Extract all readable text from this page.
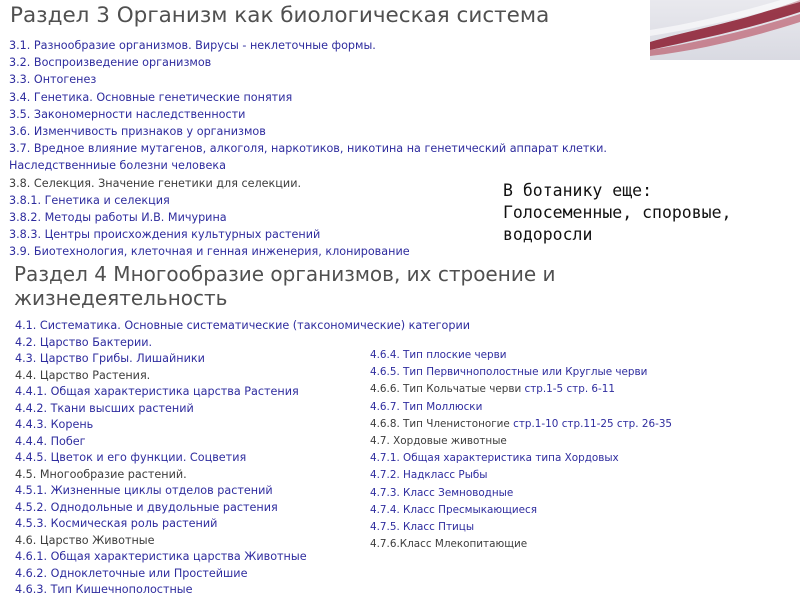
Раздел 3 Организм как биологическая система
3.1. Разнообразие организмов. Вирусы - неклеточные формы.
3.2. Воспроизведение организмов
3.3. Онтогенез
3.4. Генетика. Основные генетические понятия
3.5. Закономерности наследственности
3.6. Изменчивость признаков у организмов
3.7. Вредное влияние мутагенов, алкоголя, наркотиков, никотина на генетический аппарат клетки. Наследственниые болезни человека
3.8. Селекция. Значение генетики для селекции.
3.8.1. Генетика и селекция
3.8.2. Методы работы И.В. Мичурина
3.8.3. Центры происхождения культурных растений
3.9. Биотехнология, клеточная и генная инженерия, клонирование
В ботанику еще:
Голосеменные, споровые,
водоросли
Раздел 4 Многообразие организмов, их строение и жизнедеятельность
4.1. Систематика. Основные систематические (таксономические) категории
4.2. Царство Бактерии.
4.3. Царство Грибы. Лишайники
4.4. Царство Растения.
4.4.1. Общая характеристика царства Растения
4.4.2. Ткани высших растений
4.4.3. Корень
4.4.4. Побег
4.4.5. Цветок и его функции. Соцветия
4.5. Многообразие растений.
4.5.1. Жизненные циклы отделов растений
4.5.2. Однодольные и двудольные растения
4.5.3. Космическая роль растений
4.6. Царство Животные
4.6.1. Общая характеристика царства Животные
4.6.2. Одноклеточные или Простейшие
4.6.3. Тип Кишечнополостные
4.6.4. Тип плоские черви
4.6.5. Тип Первичнополостные или Круглые черви
4.6.6. Тип Кольчатые черви стр.1-5 стр. 6-11
4.6.7. Тип Моллюски
4.6.8. Тип Членистоногие стр.1-10 стр.11-25 стр. 26-35
4.7. Хордовые животные
4.7.1. Общая характеристика типа Хордовых
4.7.2. Надкласс Рыбы
4.7.3. Класс Земноводные
4.7.4. Класс Пресмыкающиеся
4.7.5. Класс Птицы
4.7.6.Класс Млекопитающие
